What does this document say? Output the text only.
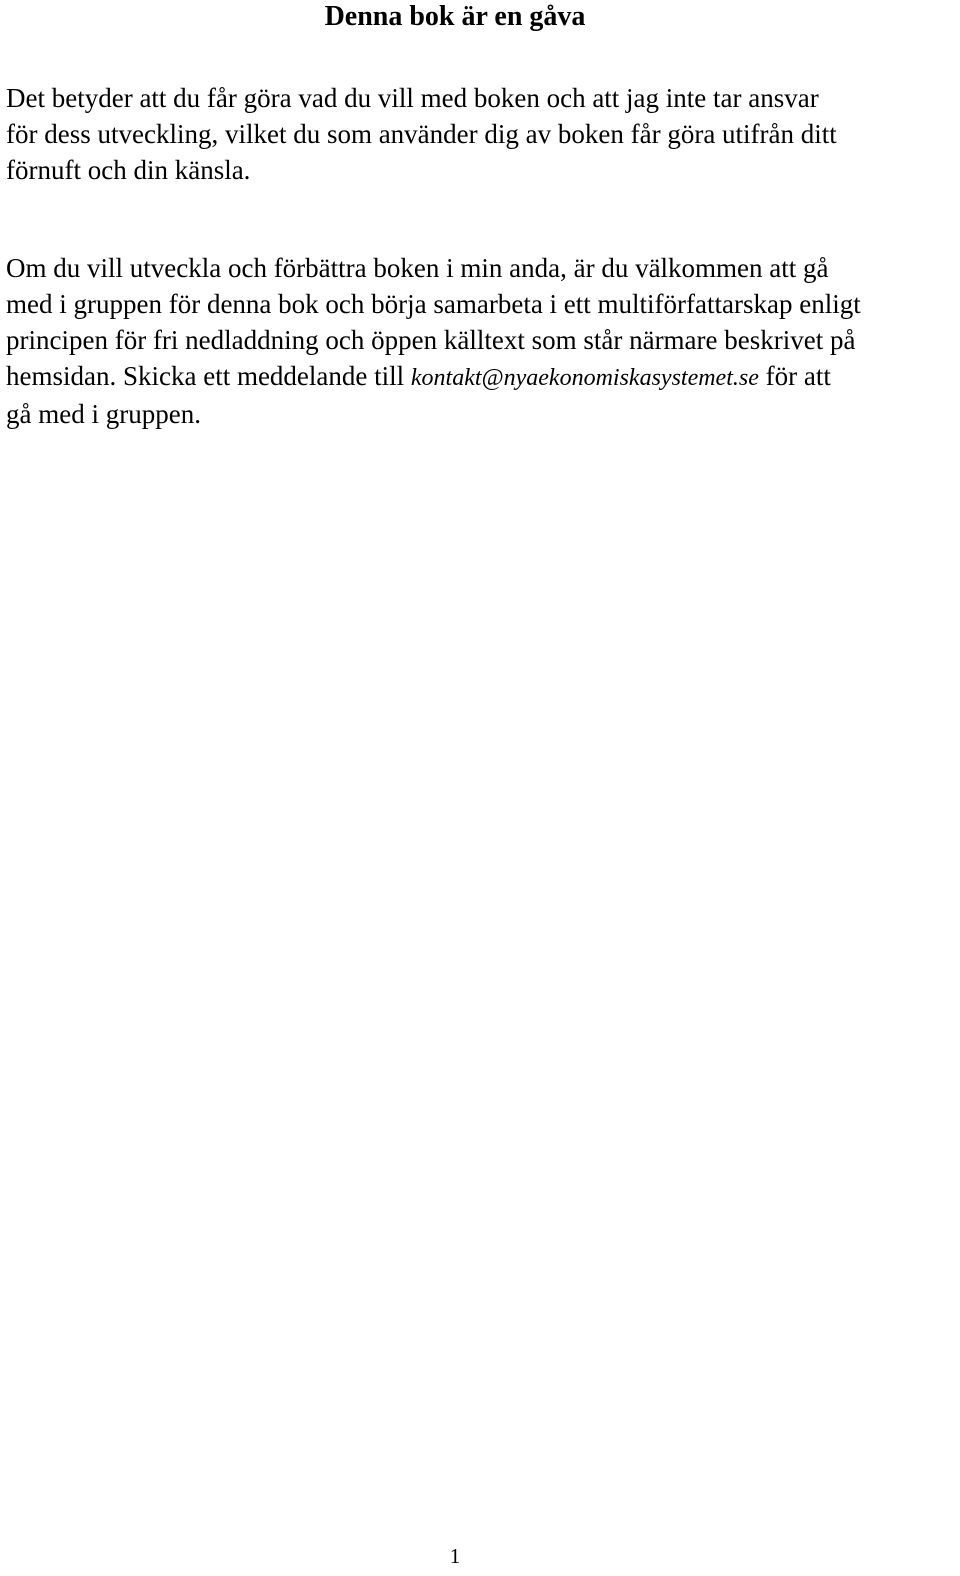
Denna bok är en gåva

Det betyder att du får göra vad du vill med boken och att jag inte tar ansvar
för dess utveckling, vilket du som använder dig av boken får göra utifrån ditt
förnuft och din känsla.

Om du vill utveckla och förbättra boken i min anda, är du välkommen att gå
med i gruppen för denna bok och börja samarbeta i ett multiförfattarskap enligt
principen för fri nedladdning och öppen källtext som står närmare beskrivet på
hemsidan. Skicka ett meddelande till kontakt@nyaekonomiskasystemet.se för att
gå med i gruppen.

1
